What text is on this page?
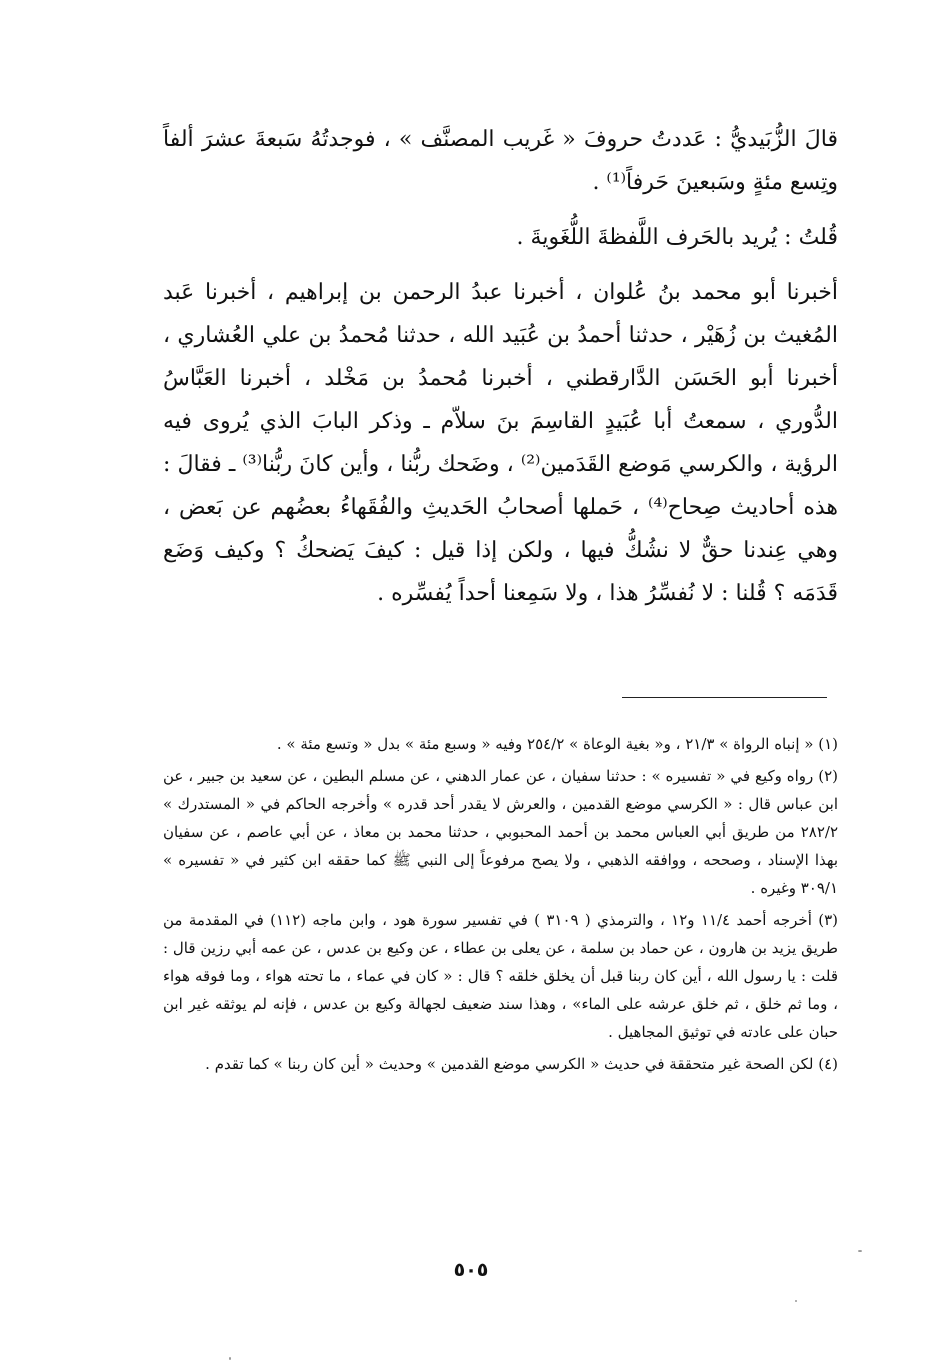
قالَ الزُّبَيديُّ : عَددتُ حروفَ « غَريب المصنَّف » ، فوجدتُهُ سَبعةَ عشرَ ألفاً وتِسع مئةٍ وسَبعينَ حَرفاً⁽¹⁾ .

قُلتُ : يُريد بالحَرف اللَّفظةَ اللُّغَويةَ .

أخبرنا أبو محمد بنُ عُلوان ، أخبرنا عبدُ الرحمن بن إبراهيم ، أخبرنا عَبد المُغيث بن زُهَيْر ، حدثنا أحمدُ بن عُبَيد الله ، حدثنا مُحمدُ بن علي العُشاري ، أخبرنا أبو الحَسَن الدَّارقطني ، أخبرنا مُحمدُ بن مَخْلد ، أخبرنا العَبَّاسُ الدُّوري ، سمعتُ أبا عُبَيدٍ القاسِمَ بنَ سلاّم ـ وذكر البابَ الذي يُروى فيه الرؤية ، والكرسي مَوضع القَدَمين⁽²⁾ ، وضَحك ربُّنا ، وأين كانَ ربُّنا⁽³⁾ ـ فقالَ : هذه أحاديث صِحاح⁽⁴⁾ ، حَملها أصحابُ الحَديثِ والفُقَهاءُ بعضُهم عن بَعض ، وهي عِندنا حقٌّ لا نشُكُّ فيها ، ولكن إذا قيل : كيفَ يَضحكُ ؟ وكيف وَضَع قَدَمَه ؟ قُلنا : لا نُفسِّرُ هذا ، ولا سَمِعنا أحداً يُفسِّره .

(١) « إنباه الرواة » ٢١/٣ ، و« بغية الوعاة » ٢٥٤/٢ وفيه « وسبع مئة » بدل « وتسع مئة » .

(٢) رواه وكيع في « تفسيره » : حدثنا سفيان ، عن عمار الدهني ، عن مسلم البطين ، عن سعيد بن جبير ، عن ابن عباس قال : « الكرسي موضع القدمين ، والعرش لا يقدر أحد قدره » وأخرجه الحاكم في « المستدرك » ٢٨٢/٢ من طريق أبي العباس محمد بن أحمد المحبوبي ، حدثنا محمد بن معاذ ، عن أبي عاصم ، عن سفيان بهذا الإسناد ، وصححه ، ووافقه الذهبي ، ولا يصح مرفوعاً إلى النبي ﷺ كما حققه ابن كثير في « تفسيره » ٣٠٩/١ وغيره .

(٣) أخرجه أحمد ١١/٤ و١٢ ، والترمذي ( ٣١٠٩ ) في تفسير سورة هود ، وابن ماجه (١١٢) في المقدمة من طريق يزيد بن هارون ، عن حماد بن سلمة ، عن يعلى بن عطاء ، عن وكيع بن عدس ، عن عمه أبي رزين قال : قلت : يا رسول الله ، أين كان ربنا قبل أن يخلق خلقه ؟ قال : « كان في عماء ، ما تحته هواء ، وما فوقه هواء ، وما ثم خلق ، ثم خلق عرشه على الماء» ، وهذا سند ضعيف لجهالة وكيع بن عدس ، فإنه لم يوثقه غير ابن حبان على عادته في توثيق المجاهيل .

(٤) لكن الصحة غير متحققة في حديث « الكرسي موضع القدمين » وحديث « أين كان ربنا » كما تقدم .

٥٠٥
